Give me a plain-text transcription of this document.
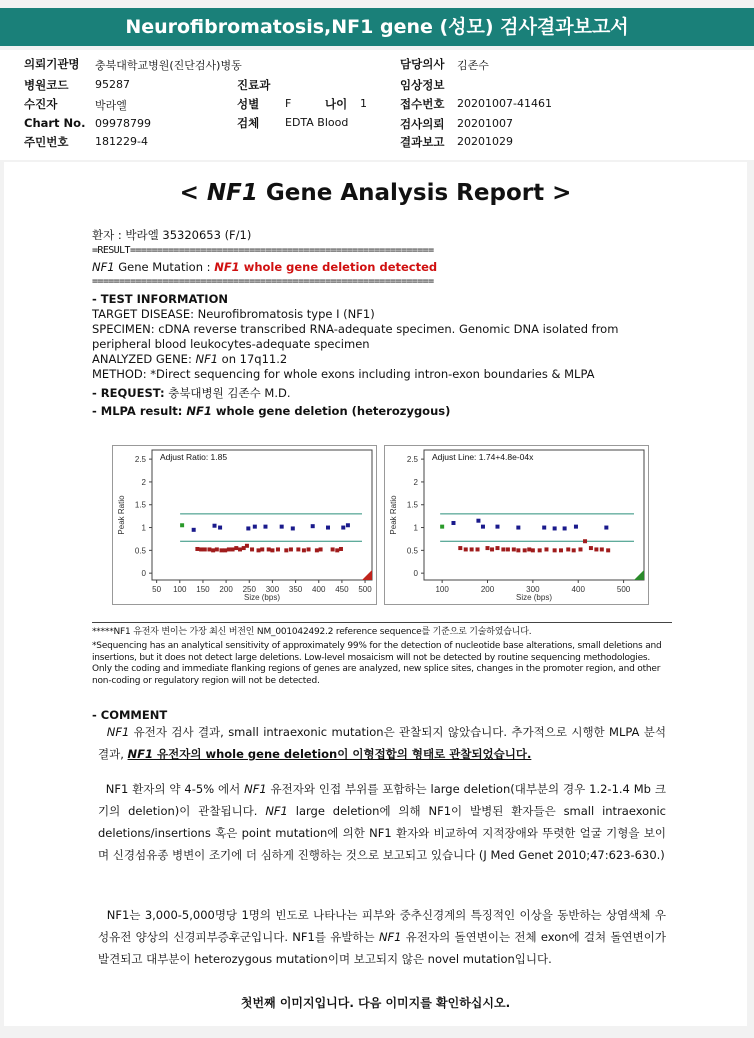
Neurofibromatosis,NF1 gene (성모) 검사결과보고서
의뢰기관명 충북대학교병원(진단검사)병동
병원코드 95287
수진자	박라엘
Chart No. 09978799
주민번호 181229-4
진료과
성별 F	나이 1
검체 EDTA Blood
담당의사 김존수
임상정보
접수번호 20201007-41461
검사의뢰 20201007
결과보고 20201029
< NF1 Gene Analysis Report >
환자 : 박라엘 35320653 (F/1)
=RESULT========================================================
NF1 Gene Mutation : NF1 whole gene deletion detected
===============================================================
- TEST INFORMATION
TARGET DISEASE: Neurofibromatosis type I (NF1)
SPECIMEN: cDNA reverse transcribed RNA-adequate specimen. Genomic DNA isolated from
peripheral blood leukocytes-adequate specimen
ANALYZED GENE: NF1 on 17q11.2
METHOD: *Direct sequencing for whole exons including intron-exon boundaries & MLPA
- REQUEST: 충북대병원 김존수 M.D.
- MLPA result: NF1 whole gene deletion (heterozygous)
0
0.5
1
1.5
2
2.5
50 100 150 200 250 300 350 400 450 500
Size (bps)
Peak Ratio
Adjust Ratio: 1.85
0
0.5
1
1.5
2
2.5
100	200	300	400	500
Size (bps)
Peak Ratio
Adjust Line: 1.74+4.8e-04x
*****NF1 유전자 변이는 가장 최신 버전인 NM_001042492.2 reference sequence를 기준으로 기술하였습니다.
*Sequencing has an analytical sensitivity of approximately 99% for the detection of nucleotide base alterations, small deletions and insertions, but it does not detect large deletions. Low-level mosaicism will not be detected by routine sequencing methodologies. Only the coding and immediate flanking regions of genes are analyzed, new splice sites, changes in the promoter region, and other non-coding or regulatory region will not be detected.
- COMMENT
NF1 유전자 검사 결과, small intraexonic mutation은 관찰되지 않았습니다. 추가적으로 시행한 MLPA 분석결과, NF1 유전자의 whole gene deletion이 이형접합의 형태로 관찰되었습니다.
NF1 환자의 약 4-5% 에서 NF1 유전자와 인접 부위를 포함하는 large deletion(대부분의 경우 1.2-1.4 Mb 크기의 deletion)이 관찰됩니다. NF1 large deletion에 의해 NF1이 발병된 환자들은 small intraexonic deletions/insertions 혹은 point mutation에 의한 NF1 환자와 비교하여 지적장애와 뚜렷한 얼굴 기형을 보이며 신경섬유종 병변이 조기에 더 심하게 진행하는 것으로 보고되고 있습니다 (J Med Genet 2010;47:623-630.)
NF1는 3,000-5,000명당 1명의 빈도로 나타나는 피부와 중추신경계의 특징적인 이상을 동반하는 상염색체 우성유전 양상의 신경피부증후군입니다. NF1를 유발하는 NF1 유전자의 돌연변이는 전체 exon에 걸쳐 돌연변이가 발견되고 대부분이 heterozygous mutation이며 보고되지 않은 novel mutation입니다.
첫번째 이미지입니다. 다음 이미지를 확인하십시오.
